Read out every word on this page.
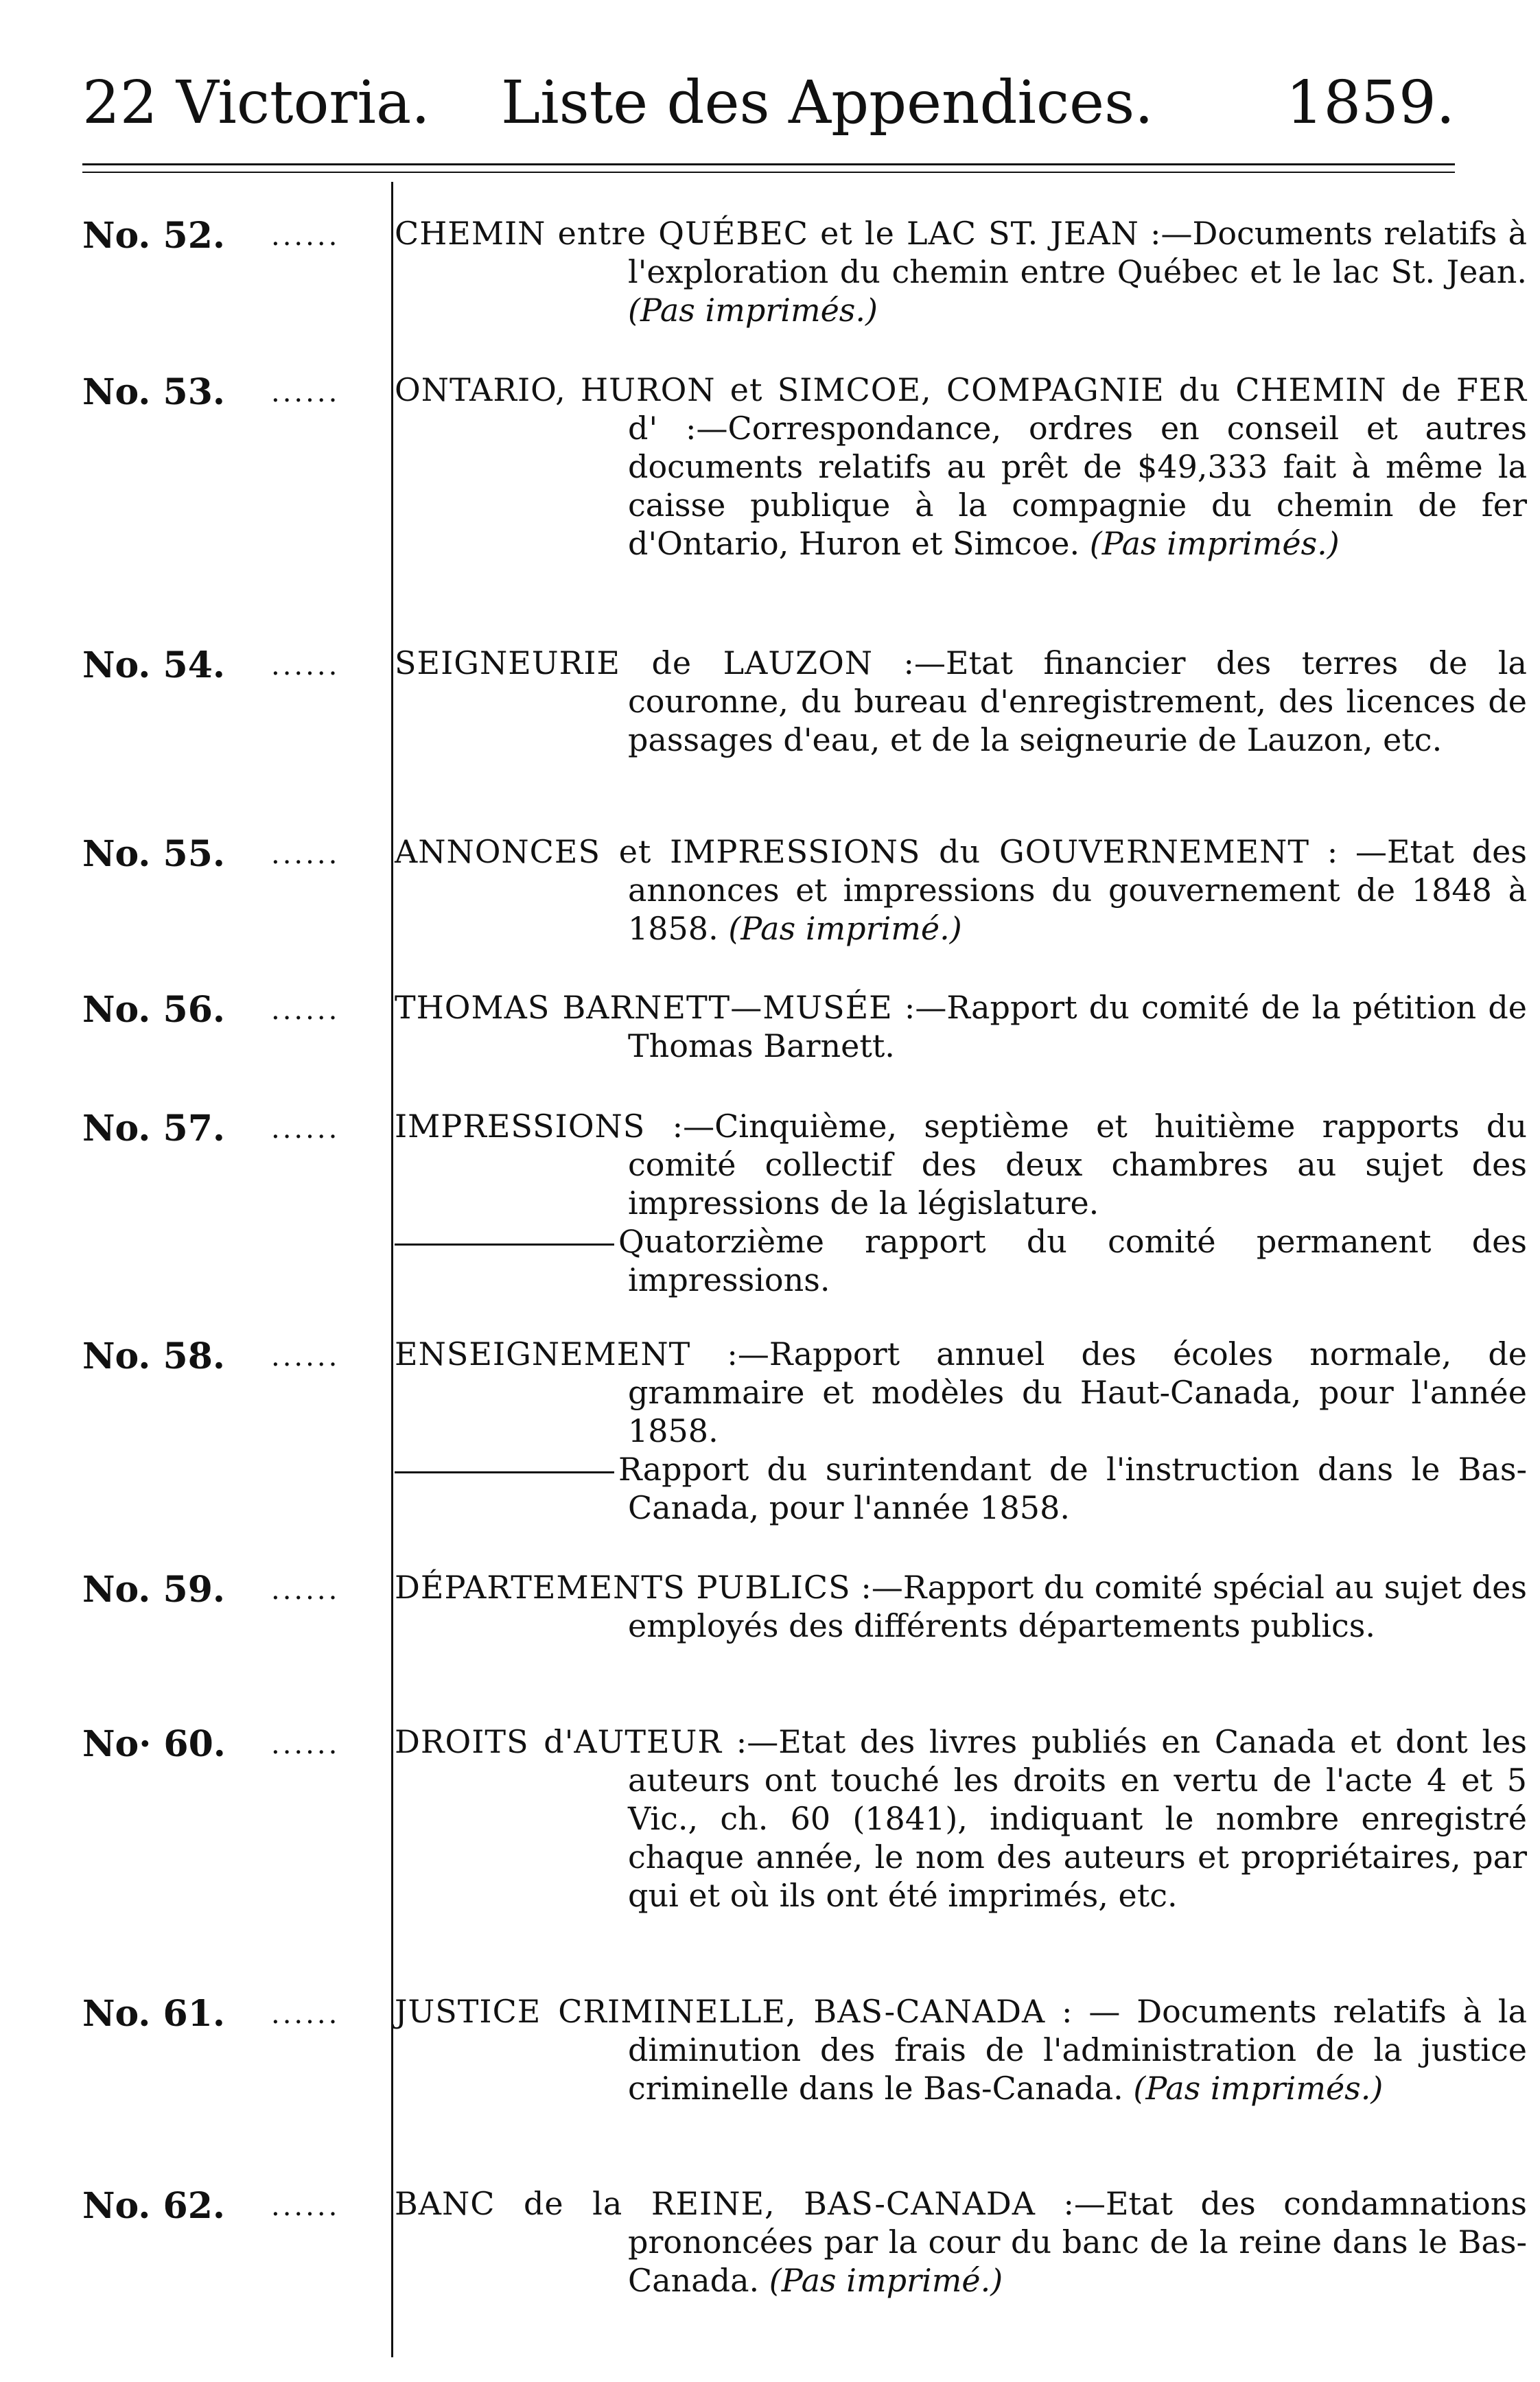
22 Victoria. Liste des Appendices. 1859.
No. 52.	......	CHEMIN entre QUÉBEC et le LAC ST. JEAN :—Documents relatifs à l'exploration du chemin entre Québec et le lac St. Jean. (Pas imprimés.)

No. 53.	......	ONTARIO, HURON et SIMCOE, COMPAGNIE du CHEMIN de FER d' :—Correspondance, ordres en conseil et autres documents relatifs au prêt de $49,333 fait à même la caisse publique à la compagnie du chemin de fer d'Ontario, Huron et Simcoe. (Pas imprimés.)

No. 54.	......	SEIGNEURIE de LAUZON :—Etat financier des terres de la couronne, du bureau d'enregistrement, des licences de passages d'eau, et de la seigneurie de Lauzon, etc.

No. 55.	......	ANNONCES et IMPRESSIONS du GOUVERNEMENT : —Etat des annonces et impressions du gouvernement de 1848 à 1858. (Pas imprimé.)

No. 56.	......	THOMAS BARNETT—MUSÉE :—Rapport du comité de la pétition de Thomas Barnett.

No. 57.	......	IMPRESSIONS :—Cinquième, septième et huitième rapports du comité collectif des deux chambres au sujet des impressions de la législature.

Quatorzième rapport du comité permanent des impressions.

No. 58.	......	ENSEIGNEMENT :—Rapport annuel des écoles normale, de grammaire et modèles du Haut-Canada, pour l'année 1858.

Rapport du surintendant de l'instruction dans le Bas-Canada, pour l'année 1858.

No. 59.	......	DÉPARTEMENTS PUBLICS :—Rapport du comité spécial au sujet des employés des différents départements publics.

No· 60.	......	DROITS d'AUTEUR :—Etat des livres publiés en Canada et dont les auteurs ont touché les droits en vertu de l'acte 4 et 5 Vic., ch. 60 (1841), indiquant le nombre enregistré chaque année, le nom des auteurs et propriétaires, par qui et où ils ont été imprimés, etc.

No. 61.	......	JUSTICE CRIMINELLE, BAS-CANADA : — Documents relatifs à la diminution des frais de l'administration de la justice criminelle dans le Bas-Canada. (Pas imprimés.)

No. 62.	......	BANC de la REINE, BAS-CANADA :—Etat des condamnations prononcées par la cour du banc de la reine dans le Bas-Canada. (Pas imprimé.)
